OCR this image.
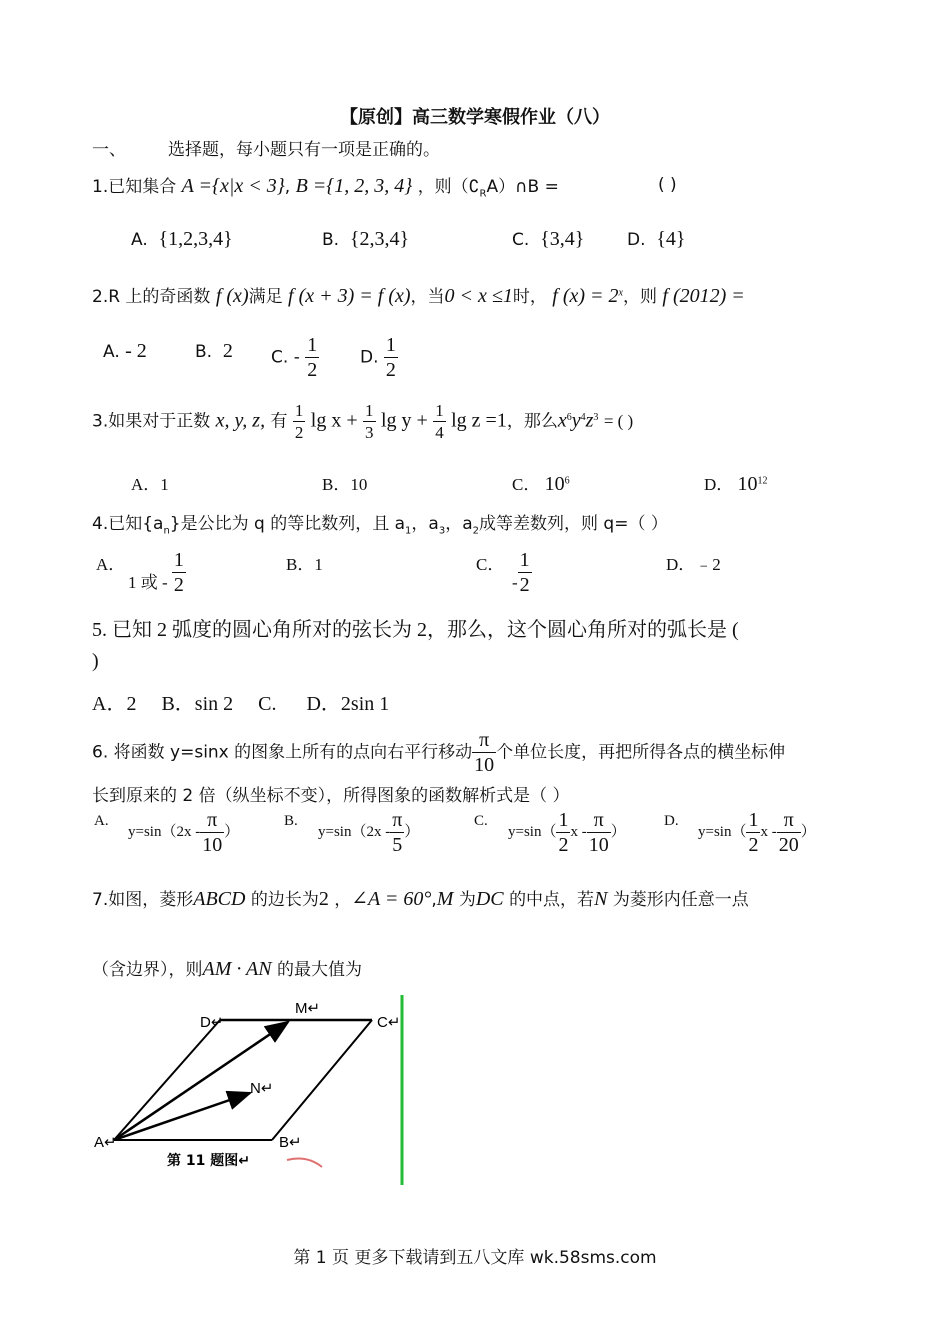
【原创】高三数学寒假作业（八）
一、 选择题，每小题只有一项是正确的。
1.已知集合 A ={x|x < 3}, B ={1, 2, 3, 4} ，则$(∁_RA)\cap B$ =	( )
A. {1,2,3,4}	B. {2,3,4}	C. {3,4}	D. {4}
2.R 上的奇函数 f (x)满足 f (x + 3) = f (x)，当0 < x ≤1时， f $(x) = 2^x$，则 f (2012) =
A. - 2	B. 2 C. - $\frac{1}{2} D$. $\frac{1}{2}$
3.如果对于正数 x, y, z, 有 $\frac{1}{2}$ $\lg x + \frac{1}{3}$ $\lg y + \frac{1}{4}$ lg z =1，那么$x^6y^4z^3$ = ( )
A．1	B．10	C． $10^6$	D． $10^{12}$
4.已知$\{a_n\}$是公比为 q 的等比数列，且 $a_1$，$a_3$，$a_2$成等差数列，则 q=（ ）
A．
1 或 - $\frac{1}{2}$	B．1	C．
- $\frac{1}{2}$	D．﹣2
5. 已知 2 弧度的圆心角所对的弦长为 2，那么，这个圆心角所对的弧长是 (
)
A．2     B．sin 2     C.      D．2sin 1
6. 将函数 y=sinx 的图象上所有的点向右平行移动 $\frac{\pi}{10}$ 个单位长度，再把所得各点的横坐标伸
长到原来的 2 倍（纵坐标不变），所得图象的函数解析式是（ ）
A.
$y=\sin(2x - \frac{\pi}{10}$ ）
B.
$y=\sin(2x - \frac{\pi}{5}$ ）
C.
$y=\sin( \frac{1}{2}$ x - $\frac{\pi}{10}$ ）
D.
$y=\sin( \frac{1}{2}$ x - $\frac{\pi}{20}$ ）
7.如图，菱形ABCD 的边长为2 ，∠A = 60°,M 为DC 的中点，若N 为菱形内任意一点
（含边界），则AM · AN 的最大值为
A↵	B↵
C↵
D↵
M↵
N↵
第 11 题图↵
第 1 页 更多下载请到五八文库 wk.58sms.com
